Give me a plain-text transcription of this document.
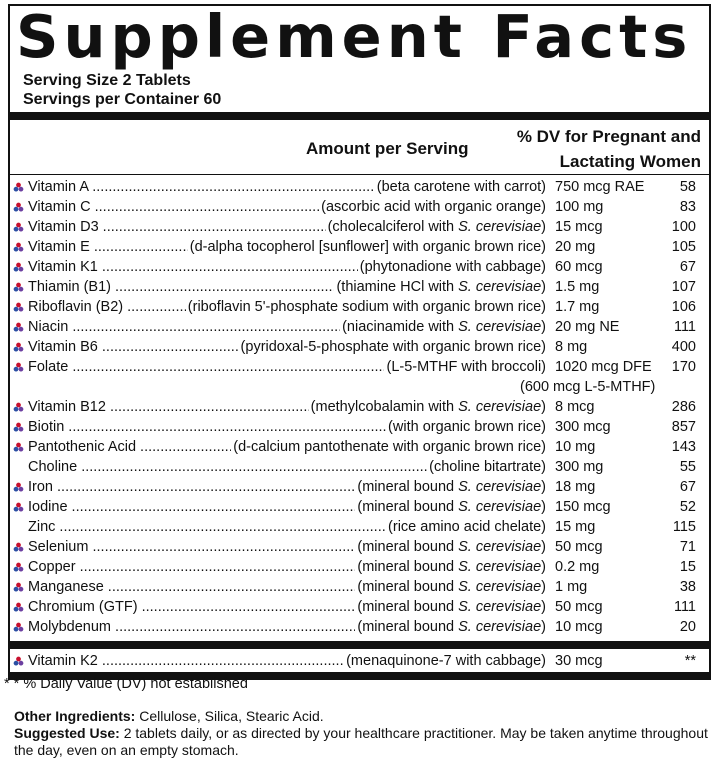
Supplement Facts
Serving Size 2 Tablets
Servings per Container 60
Amount per Serving
% DV for Pregnant and
Lactating Women
Vitamin A .....	(beta carotene with carrot) 750 mcg RAE 58
Vitamin C .....	(ascorbic acid with organic orange) 100 mg	83
Vitamin D3 .....	(cholecalciferol with S. cerevisiae) 15 mcg	100
Vitamin E .....	(d-alpha tocopherol [sunflower] with organic brown rice) 20 mg	105
Vitamin K1 .....	(phytonadione with cabbage) 60 mcg	67
Thiamin (B1) .....	(thiamine HCl with S. cerevisiae) 1.5 mg	107
Riboflavin (B2) .....	(riboflavin 5'-phosphate sodium with organic brown rice) 1.7 mg	106
Niacin .....	(niacinamide with S. cerevisiae) 20 mg NE	111
Vitamin B6 .....	(pyridoxal-5-phosphate with organic brown rice) 8 mg	400
Folate .....	(L-5-MTHF with broccoli) 1020 mcg DFE 170
(600 mcg L-5-MTHF)
Vitamin B12 .....	(methylcobalamin with S. cerevisiae) 8 mcg	286
Biotin .....	(with organic brown rice) 300 mcg	857
Pantothenic Acid .....	(d-calcium pantothenate with organic brown rice) 10 mg	143
Choline .....	(choline bitartrate) 300 mg	55
Iron .....	(mineral bound S. cerevisiae) 18 mg	67
Iodine .....	(mineral bound S. cerevisiae) 150 mcg	52
Zinc .....	(rice amino acid chelate) 15 mg	115
Selenium .....	(mineral bound S. cerevisiae) 50 mcg	71
Copper .....	(mineral bound S. cerevisiae) 0.2 mg	15
Manganese .....	(mineral bound S. cerevisiae) 1 mg	38
Chromium (GTF) .....	(mineral bound S. cerevisiae) 50 mcg	111
Molybdenum .....	(mineral bound S. cerevisiae) 10 mcg	20
Vitamin K2 .....	(menaquinone-7 with cabbage) 30 mcg	**
* * % Daily Value (DV) not established
Other Ingredients: Cellulose, Silica, Stearic Acid.
Suggested Use: 2 tablets daily, or as directed by your healthcare practitioner. May be taken anytime throughout the day, even on an empty stomach.
